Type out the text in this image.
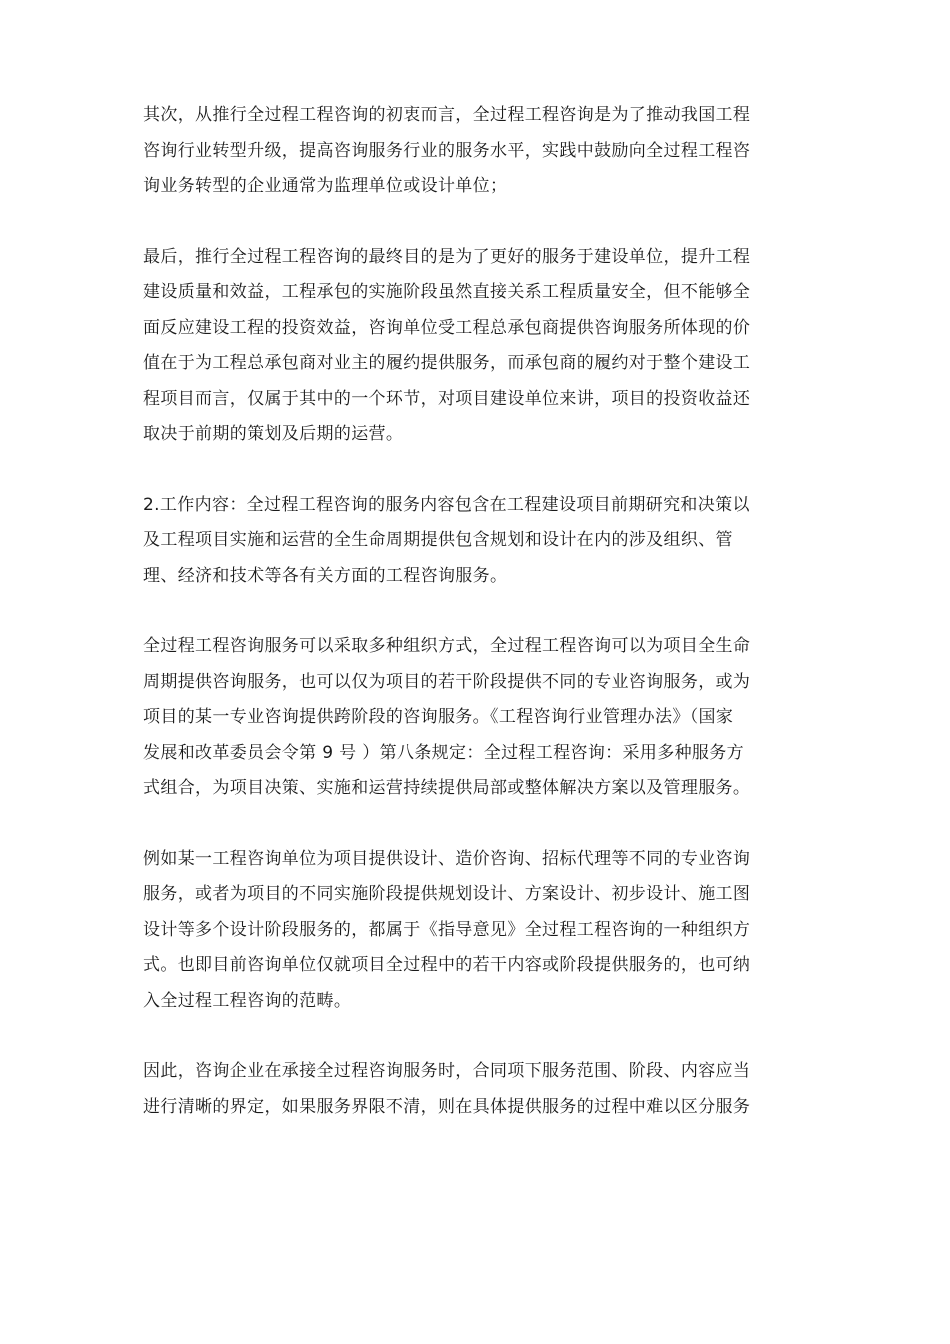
其次，从推行全过程工程咨询的初衷而言，全过程工程咨询是为了推动我国工程
咨询行业转型升级，提高咨询服务行业的服务水平，实践中鼓励向全过程工程咨
询业务转型的企业通常为监理单位或设计单位；

最后，推行全过程工程咨询的最终目的是为了更好的服务于建设单位，提升工程
建设质量和效益，工程承包的实施阶段虽然直接关系工程质量安全，但不能够全
面反应建设工程的投资效益，咨询单位受工程总承包商提供咨询服务所体现的价
值在于为工程总承包商对业主的履约提供服务，而承包商的履约对于整个建设工
程项目而言，仅属于其中的一个环节，对项目建设单位来讲，项目的投资收益还
取决于前期的策划及后期的运营。

2.工作内容：全过程工程咨询的服务内容包含在工程建设项目前期研究和决策以
及工程项目实施和运营的全生命周期提供包含规划和设计在内的涉及组织、管
理、经济和技术等各有关方面的工程咨询服务。

全过程工程咨询服务可以采取多种组织方式，全过程工程咨询可以为项目全生命
周期提供咨询服务，也可以仅为项目的若干阶段提供不同的专业咨询服务，或为
项目的某一专业咨询提供跨阶段的咨询服务。《工程咨询行业管理办法》（国家
发展和改革委员会令第 9 号 ）第八条规定：全过程工程咨询：采用多种服务方
式组合，为项目决策、实施和运营持续提供局部或整体解决方案以及管理服务。

例如某一工程咨询单位为项目提供设计、造价咨询、招标代理等不同的专业咨询
服务，或者为项目的不同实施阶段提供规划设计、方案设计、初步设计、施工图
设计等多个设计阶段服务的，都属于《指导意见》全过程工程咨询的一种组织方
式。也即目前咨询单位仅就项目全过程中的若干内容或阶段提供服务的，也可纳
入全过程工程咨询的范畴。

因此，咨询企业在承接全过程咨询服务时，合同项下服务范围、阶段、内容应当
进行清晰的界定，如果服务界限不清，则在具体提供服务的过程中难以区分服务
